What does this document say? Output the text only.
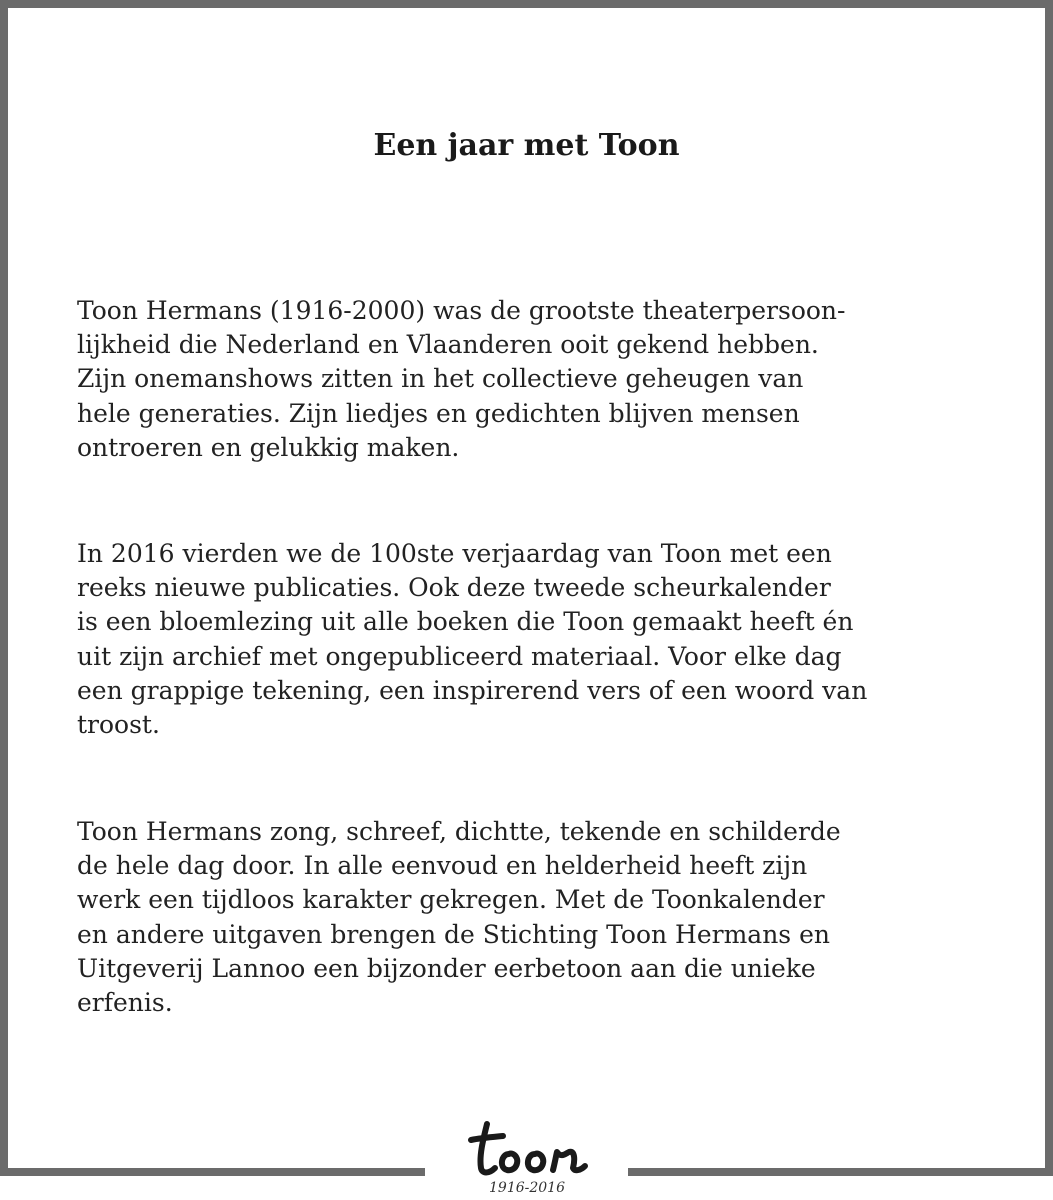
Een jaar met Toon
Toon Hermans (1916-2000) was de grootste theaterpersoon-
lijkheid die Nederland en Vlaanderen ooit gekend hebben.
Zijn onemanshows zitten in het collectieve geheugen van
hele generaties. Zijn liedjes en gedichten blijven mensen
ontroeren en gelukkig maken.
In 2016 vierden we de 100ste verjaardag van Toon met een
reeks nieuwe publicaties. Ook deze tweede scheurkalender
is een bloemlezing uit alle boeken die Toon gemaakt heeft én
uit zijn archief met ongepubliceerd materiaal. Voor elke dag
een grappige tekening, een inspirerend vers of een woord van
troost.
Toon Hermans zong, schreef, dichtte, tekende en schilderde
de hele dag door. In alle eenvoud en helderheid heeft zijn
werk een tijdloos karakter gekregen. Met de Toonkalender
en andere uitgaven brengen de Stichting Toon Hermans en
Uitgeverij Lannoo een bijzonder eerbetoon aan die unieke
erfenis.
1916-2016
